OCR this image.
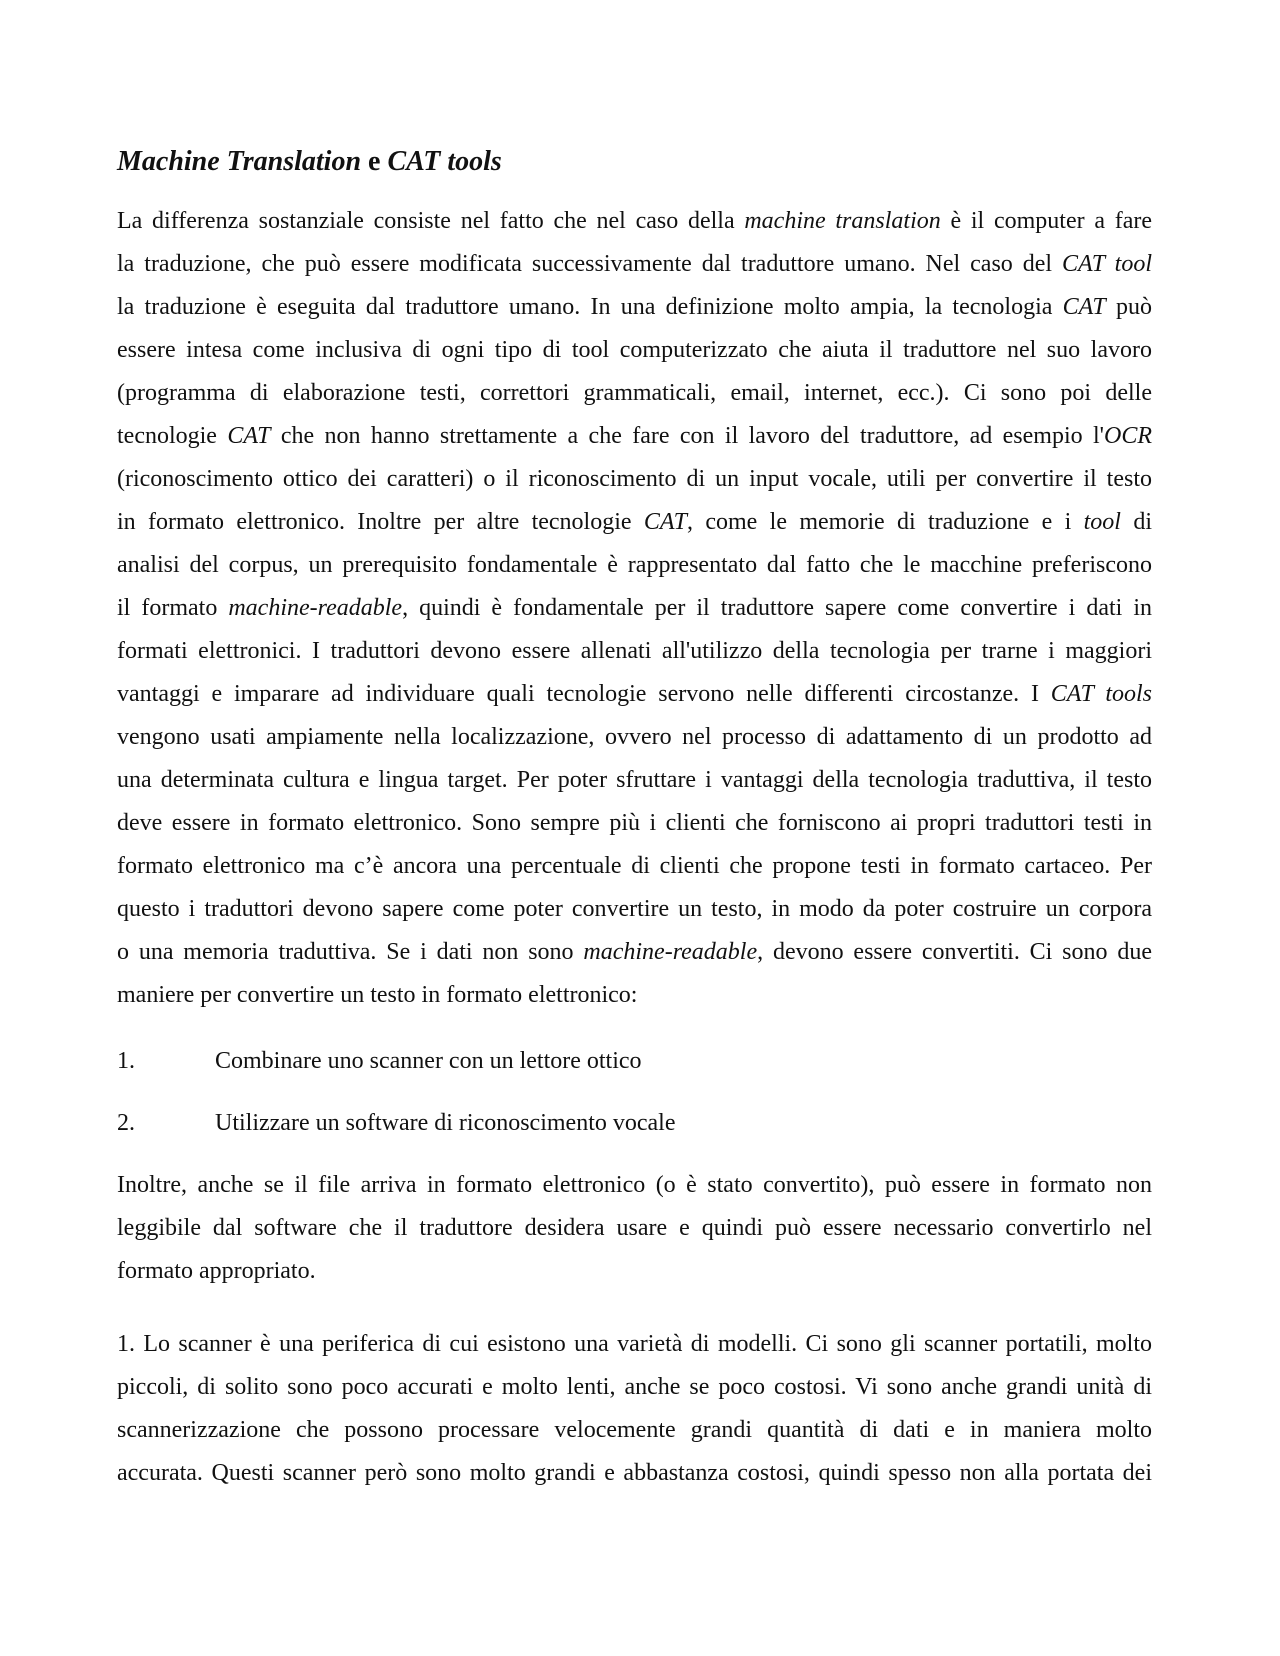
Machine Translation e CAT tools
La differenza sostanziale consiste nel fatto che nel caso della machine translation è il computer a fare
la traduzione, che può essere modificata successivamente dal traduttore umano. Nel caso del CAT tool
la traduzione è eseguita dal traduttore umano. In una definizione molto ampia, la tecnologia CAT può
essere intesa come inclusiva di ogni tipo di tool computerizzato che aiuta il traduttore nel suo lavoro
(programma di elaborazione testi, correttori grammaticali, email, internet, ecc.). Ci sono poi delle
tecnologie CAT che non hanno strettamente a che fare con il lavoro del traduttore, ad esempio l'OCR
(riconoscimento ottico dei caratteri) o il riconoscimento di un input vocale, utili per convertire il testo
in formato elettronico. Inoltre per altre tecnologie CAT, come le memorie di traduzione e i tool di
analisi del corpus, un prerequisito fondamentale è rappresentato dal fatto che le macchine preferiscono
il formato machine-readable, quindi è fondamentale per il traduttore sapere come convertire i dati in
formati elettronici. I traduttori devono essere allenati all'utilizzo della tecnologia per trarne i maggiori
vantaggi e imparare ad individuare quali tecnologie servono nelle differenti circostanze. I CAT tools
vengono usati ampiamente nella localizzazione, ovvero nel processo di adattamento di un prodotto ad
una determinata cultura e lingua target. Per poter sfruttare i vantaggi della tecnologia traduttiva, il testo
deve essere in formato elettronico. Sono sempre più i clienti che forniscono ai propri traduttori testi in
formato elettronico ma c’è ancora una percentuale di clienti che propone testi in formato cartaceo. Per
questo i traduttori devono sapere come poter convertire un testo, in modo da poter costruire un corpora
o una memoria traduttiva. Se i dati non sono machine-readable, devono essere convertiti. Ci sono due
maniere per convertire un testo in formato elettronico:
1.	Combinare uno scanner con un lettore ottico
2.	Utilizzare un software di riconoscimento vocale
Inoltre, anche se il file arriva in formato elettronico (o è stato convertito), può essere in formato non
leggibile dal software che il traduttore desidera usare e quindi può essere necessario convertirlo nel
formato appropriato.
1. Lo scanner è una periferica di cui esistono una varietà di modelli. Ci sono gli scanner portatili, molto
piccoli, di solito sono poco accurati e molto lenti, anche se poco costosi. Vi sono anche grandi unità di
scannerizzazione che possono processare velocemente grandi quantità di dati e in maniera molto
accurata. Questi scanner però sono molto grandi e abbastanza costosi, quindi spesso non alla portata dei
